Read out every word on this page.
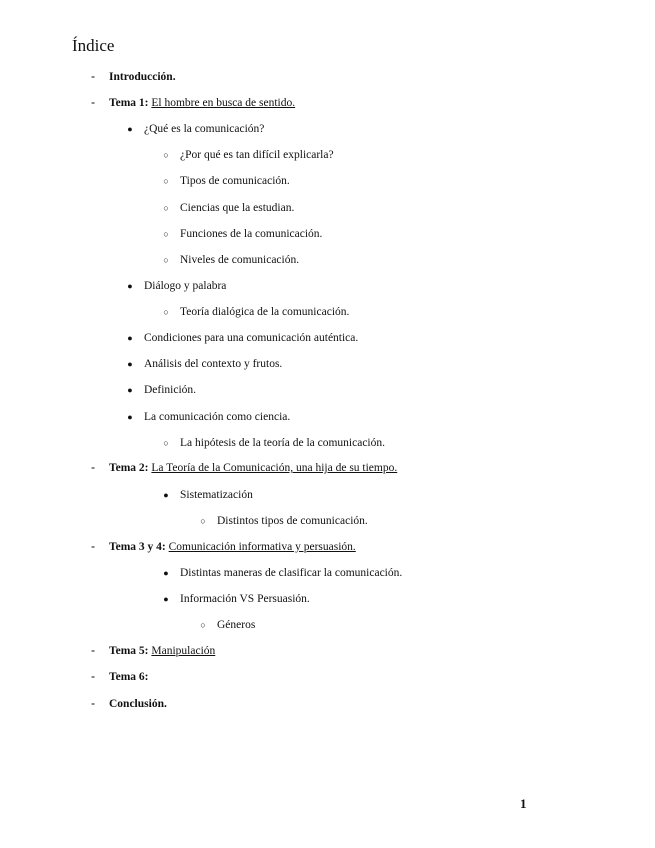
Índice
-	Introducción.
-	Tema 1: El hombre en busca de sentido.
● ¿Qué es la comunicación?
○ ¿Por qué es tan difícil explicarla?
○ Tipos de comunicación.
○ Ciencias que la estudian.
○ Funciones de la comunicación.
○ Niveles de comunicación.
● Diálogo y palabra
○ Teoría dialógica de la comunicación.
● Condiciones para una comunicación auténtica.
● Análisis del contexto y frutos.
● Definición.
● La comunicación como ciencia.
○ La hipótesis de la teoría de la comunicación.
-	Tema 2: La Teoría de la Comunicación, una hija de su tiempo.
● Sistematización
○ Distintos tipos de comunicación.
-	Tema 3 y 4: Comunicación informativa y persuasión.
● Distintas maneras de clasificar la comunicación.
● Información VS Persuasión.
○ Géneros
-	Tema 5: Manipulación
-	Tema 6:
-	Conclusión.
1
